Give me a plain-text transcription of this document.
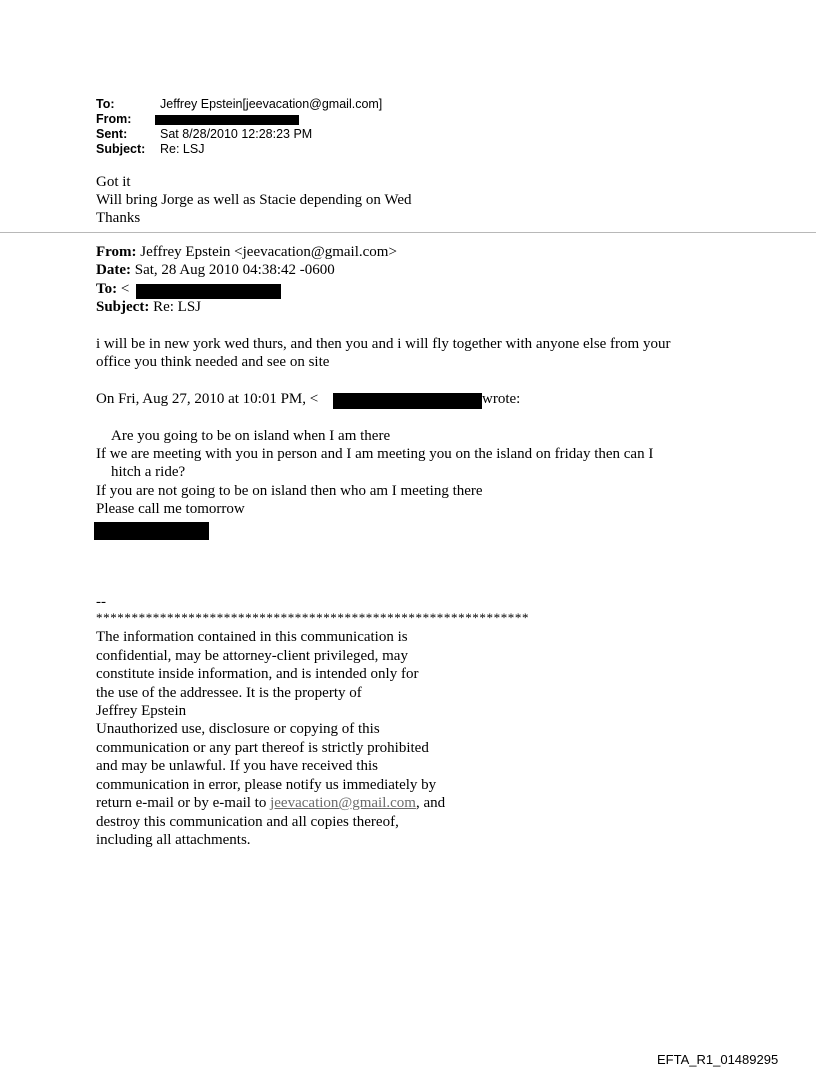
To:	Jeffrey Epstein[jeevacation@gmail.com]
From:
Sent:	Sat 8/28/2010 12:28:23 PM
Subject: Re: LSJ
Got it
Will bring Jorge as well as Stacie depending on Wed
Thanks
From: Jeffrey Epstein <jeevacation@gmail.com>
Date: Sat, 28 Aug 2010 04:38:42 -0600
To: <
Subject: Re: LSJ
i will be in new york wed thurs, and then you and i will fly together with anyone else from your
office you think needed and see on site
On Fri, Aug 27, 2010 at 10:01 PM, <	wrote:
Are you going to be on island when I am there
If we are meeting with you in person and I am meeting you on the island on friday then can I
hitch a ride?
If you are not going to be on island then who am I meeting there
Please call me tomorrow
--
*************************************************************
The information contained in this communication is
confidential, may be attorney-client privileged, may
constitute inside information, and is intended only for
the use of the addressee. It is the property of
Jeffrey Epstein
Unauthorized use, disclosure or copying of this
communication or any part thereof is strictly prohibited
and may be unlawful. If you have received this
communication in error, please notify us immediately by
return e-mail or by e-mail to jeevacation@gmail.com, and
destroy this communication and all copies thereof,
including all attachments.
EFTA_R1_01489295
